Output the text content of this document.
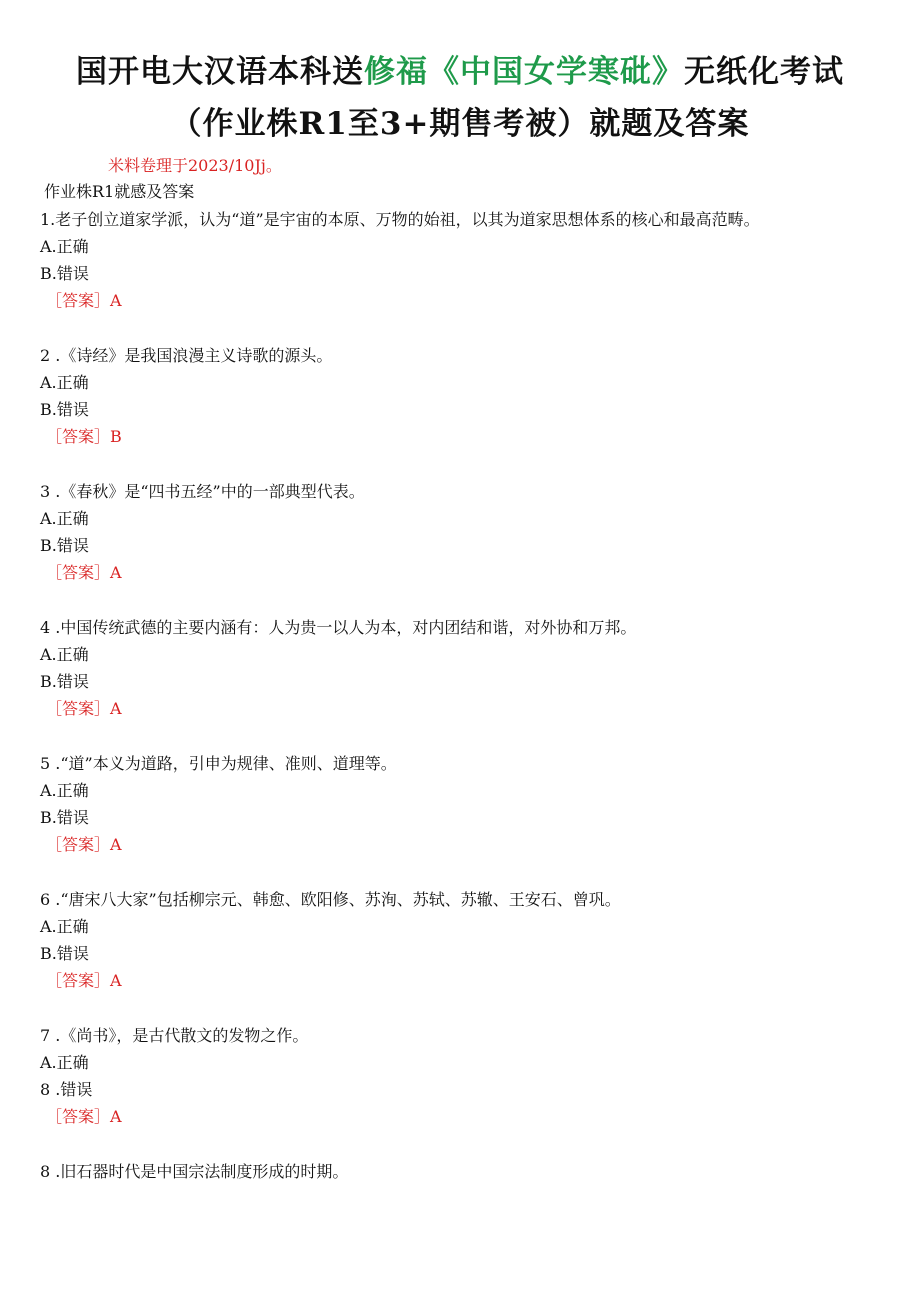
国开电大汉语本科送修福《中国女学寒砒》无纸化考试
（作业株R1至3+期售考被）就题及答案
米料卷理于2023/10Jj。
作业株R1就感及答案

1.老子创立道家学派，认为“道”是宇宙的本原、万物的始祖，以其为道家思想体系的核心和最高范畴。

A.正确

B.错误

［答案］A

2 .《诗经》是我国浪漫主义诗歌的源头。

A.正确

B.错误

［答案］B

3 .《春秋》是“四书五经”中的一部典型代表。

A.正确

B.错误

［答案］A

4 .中国传统武德的主要内涵有：人为贵一以人为本，对内团结和谐，对外协和万邦。

A.正确

B.错误

［答案］A

5 .“道”本义为道路，引申为规律、准则、道理等。

A.正确

B.错误

［答案］A

6 .“唐宋八大家”包括柳宗元、韩愈、欧阳修、苏洵、苏轼、苏辙、王安石、曾巩。

A.正确

B.错误

［答案］A

7 .《尚书》，是古代散文的发物之作。

A.正确

8 .错误

［答案］A

8 .旧石器时代是中国宗法制度形成的时期。
